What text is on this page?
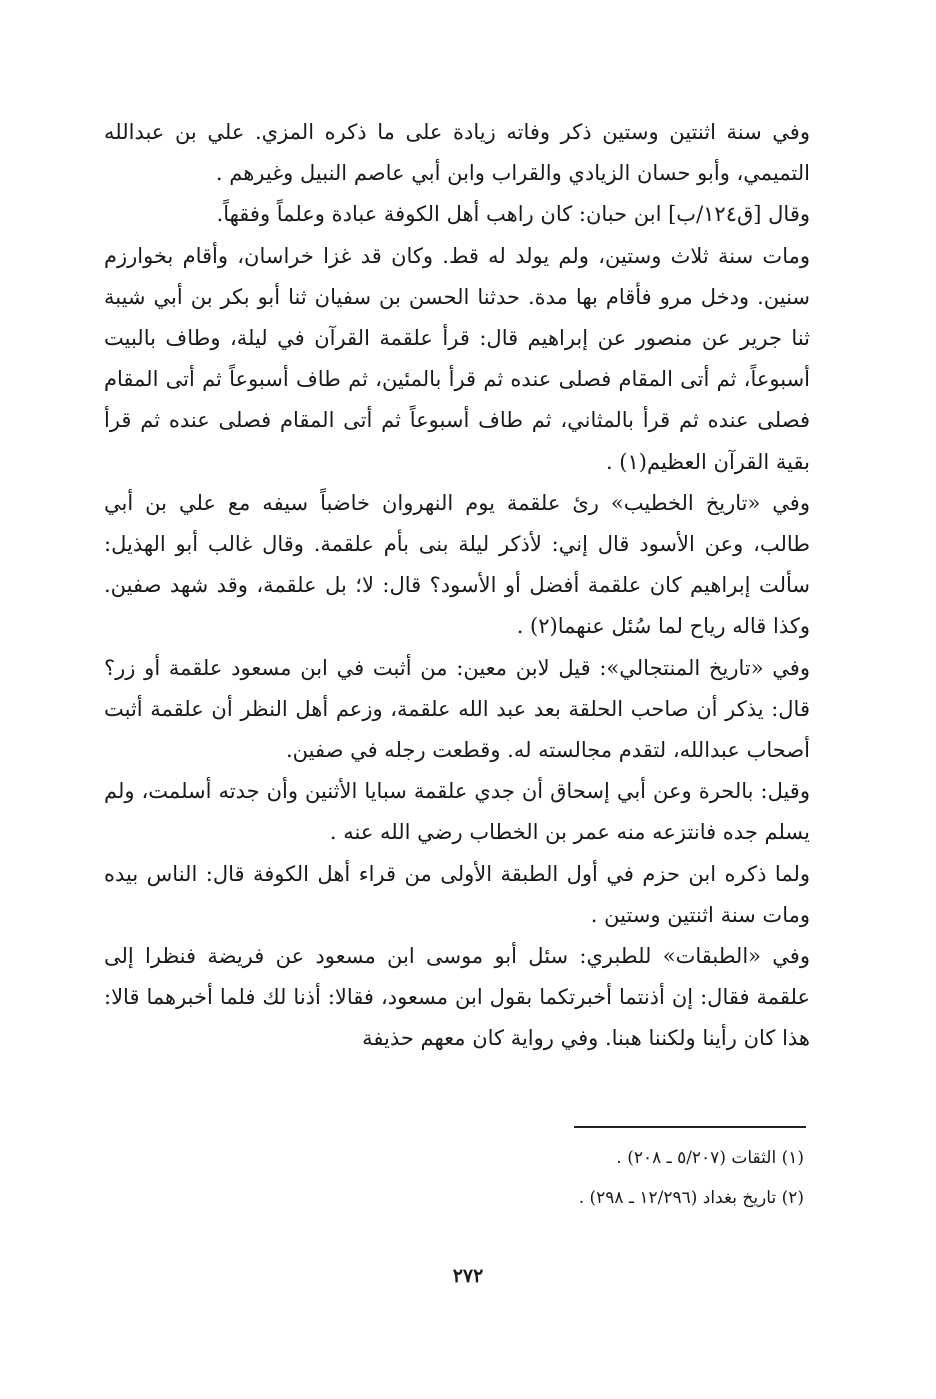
وفي سنة اثنتين وستين ذكر وفاته زيادة على ما ذكره المزي. علي بن عبدالله التميمي، وأبو حسان الزيادي والقراب وابن أبي عاصم النبيل وغيرهم .

وقال [ق١٢٤/ب] ابن حبان: كان راهب أهل الكوفة عبادة وعلماً وفقهاً.

ومات سنة ثلاث وستين، ولم يولد له قط. وكان قد غزا خراسان، وأقام بخوارزم سنين. ودخل مرو فأقام بها مدة. حدثنا الحسن بن سفيان ثنا أبو بكر بن أبي شيبة ثنا جرير عن منصور عن إبراهيم قال: قرأ علقمة القرآن في ليلة، وطاف بالبيت أسبوعاً، ثم أتى المقام فصلى عنده ثم قرأ بالمئين، ثم طاف أسبوعاً ثم أتى المقام فصلى عنده ثم قرأ بالمثاني، ثم طاف أسبوعاً ثم أتى المقام فصلى عنده ثم قرأ بقية القرآن العظيم(١) .

وفي «تاريخ الخطيب» رئ علقمة يوم النهروان خاضباً سيفه مع علي بن أبي طالب، وعن الأسود قال إني: لأذكر ليلة بنى بأم علقمة. وقال غالب أبو الهذيل: سألت إبراهيم كان علقمة أفضل أو الأسود؟ قال: لا؛ بل علقمة، وقد شهد صفين. وكذا قاله رياح لما سُئل عنهما(٢) .

وفي «تاريخ المنتجالي»: قيل لابن معين: من أثبت في ابن مسعود علقمة أو زر؟ قال: يذكر أن صاحب الحلقة بعد عبد الله علقمة، وزعم أهل النظر أن علقمة أثبت أصحاب عبدالله، لتقدم مجالسته له. وقطعت رجله في صفين.

وقيل: بالحرة وعن أبي إسحاق أن جدي علقمة سبايا الأثنين وأن جدته أسلمت، ولم يسلم جده فانتزعه منه عمر بن الخطاب رضي الله عنه .

ولما ذكره ابن حزم في أول الطبقة الأولى من قراء أهل الكوفة قال: الناس بيده ومات سنة اثنتين وستين .

وفي «الطبقات» للطبري: سئل أبو موسى ابن مسعود عن فريضة فنظرا إلى علقمة فقال: إن أذنتما أخبرتكما بقول ابن مسعود، فقالا: أذنا لك فلما أخبرهما قالا: هذا كان رأينا ولكننا هبنا. وفي رواية كان معهم حذيفة

(١) الثقات (٥/٢٠٧ ـ ٢٠٨) .

(٢) تاريخ بغداد (١٢/٢٩٦ ـ ٢٩٨) .

٢٧٢
